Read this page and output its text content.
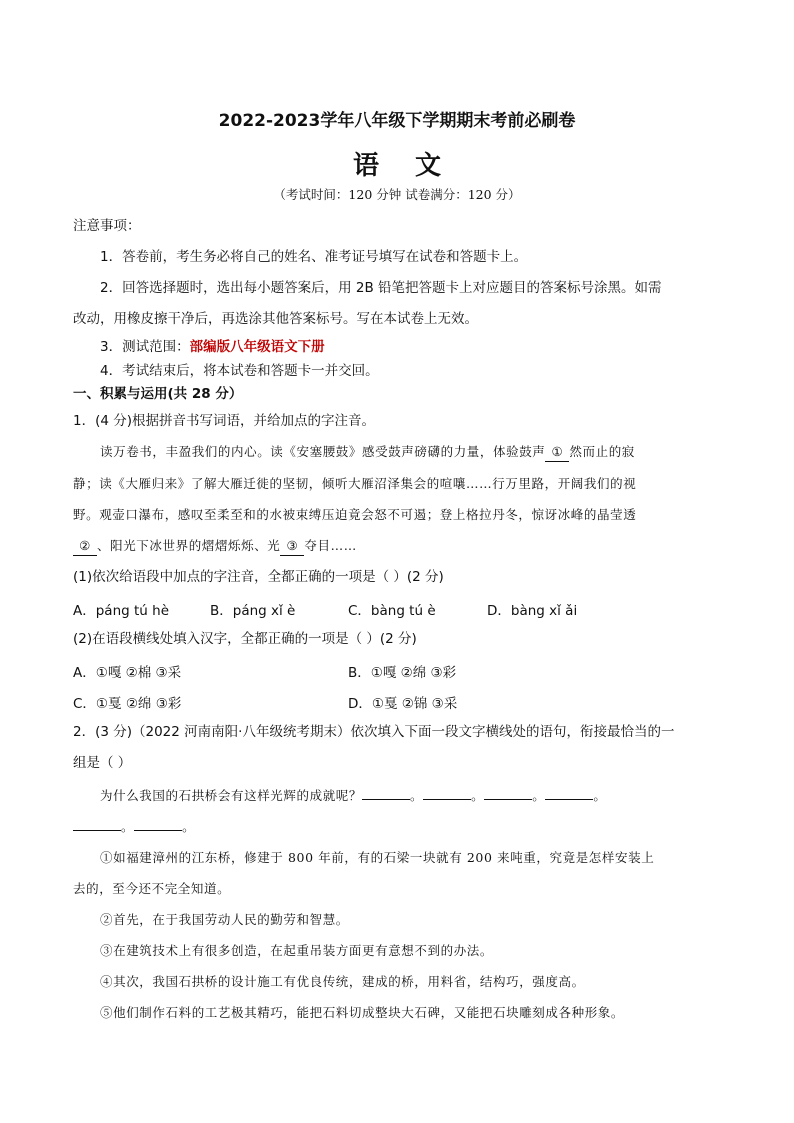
2022-2023学年八年级下学期期末考前必刷卷
语文
（考试时间：120 分钟 试卷满分：120 分）
注意事项：
1．答卷前，考生务必将自己的姓名、准考证号填写在试卷和答题卡上。
2．回答选择题时，选出每小题答案后，用 2B 铅笔把答题卡上对应题目的答案标号涂黑。如需
改动，用橡皮擦干净后，再选涂其他答案标号。写在本试卷上无效。
3．测试范围：部编版八年级语文下册
4．考试结束后，将本试卷和答题卡一并交回。
一、积累与运用(共 28 分）
1．(4 分)根据拼音书写词语，并给加点的字注音。
读万卷书，丰盈我们的内心。读《安塞腰鼓》感受鼓声磅礴的力量，体验鼓声 ① 然而止的寂
静；读《大雁归来》了解大雁迁徙的坚韧，倾听大雁沼泽集会的喧嚷……行万里路，开阔我们的视
野。观壶口瀑布，感叹至柔至和的水被束缚压迫竟会怒不可遏；登上格拉丹冬，惊讶冰峰的晶莹透
② 、阳光下冰世界的熠熠烁烁、光 ③ 夺目……
(1)依次给语段中加点的字注音，全都正确的一项是（ ）(2 分)
A．páng tú hè	B．páng xǐ è	C．bàng tú è	D．bàng xǐ ǎi
(2)在语段横线处填入汉字，全都正确的一项是（ ）(2 分)
A．①嘎 ②棉 ③采	B．①嘎 ②绵 ③彩
C．①戛 ②绵 ③彩	D．①戛 ②锦 ③采
2．(3 分)（2022 河南南阳·八年级统考期末）依次填入下面一段文字横线处的语句，衔接最恰当的一
组是（ ）
为什么我国的石拱桥会有这样光辉的成就呢？	。	。	。	。
。	。
①如福建漳州的江东桥，修建于 800 年前，有的石梁一块就有 200 来吨重，究竟是怎样安装上
去的，至今还不完全知道。
②首先，在于我国劳动人民的勤劳和智慧。
③在建筑技术上有很多创造，在起重吊装方面更有意想不到的办法。
④其次，我国石拱桥的设计施工有优良传统，建成的桥，用料省，结构巧，强度高。
⑤他们制作石料的工艺极其精巧，能把石料切成整块大石碑，又能把石块雕刻成各种形象。
